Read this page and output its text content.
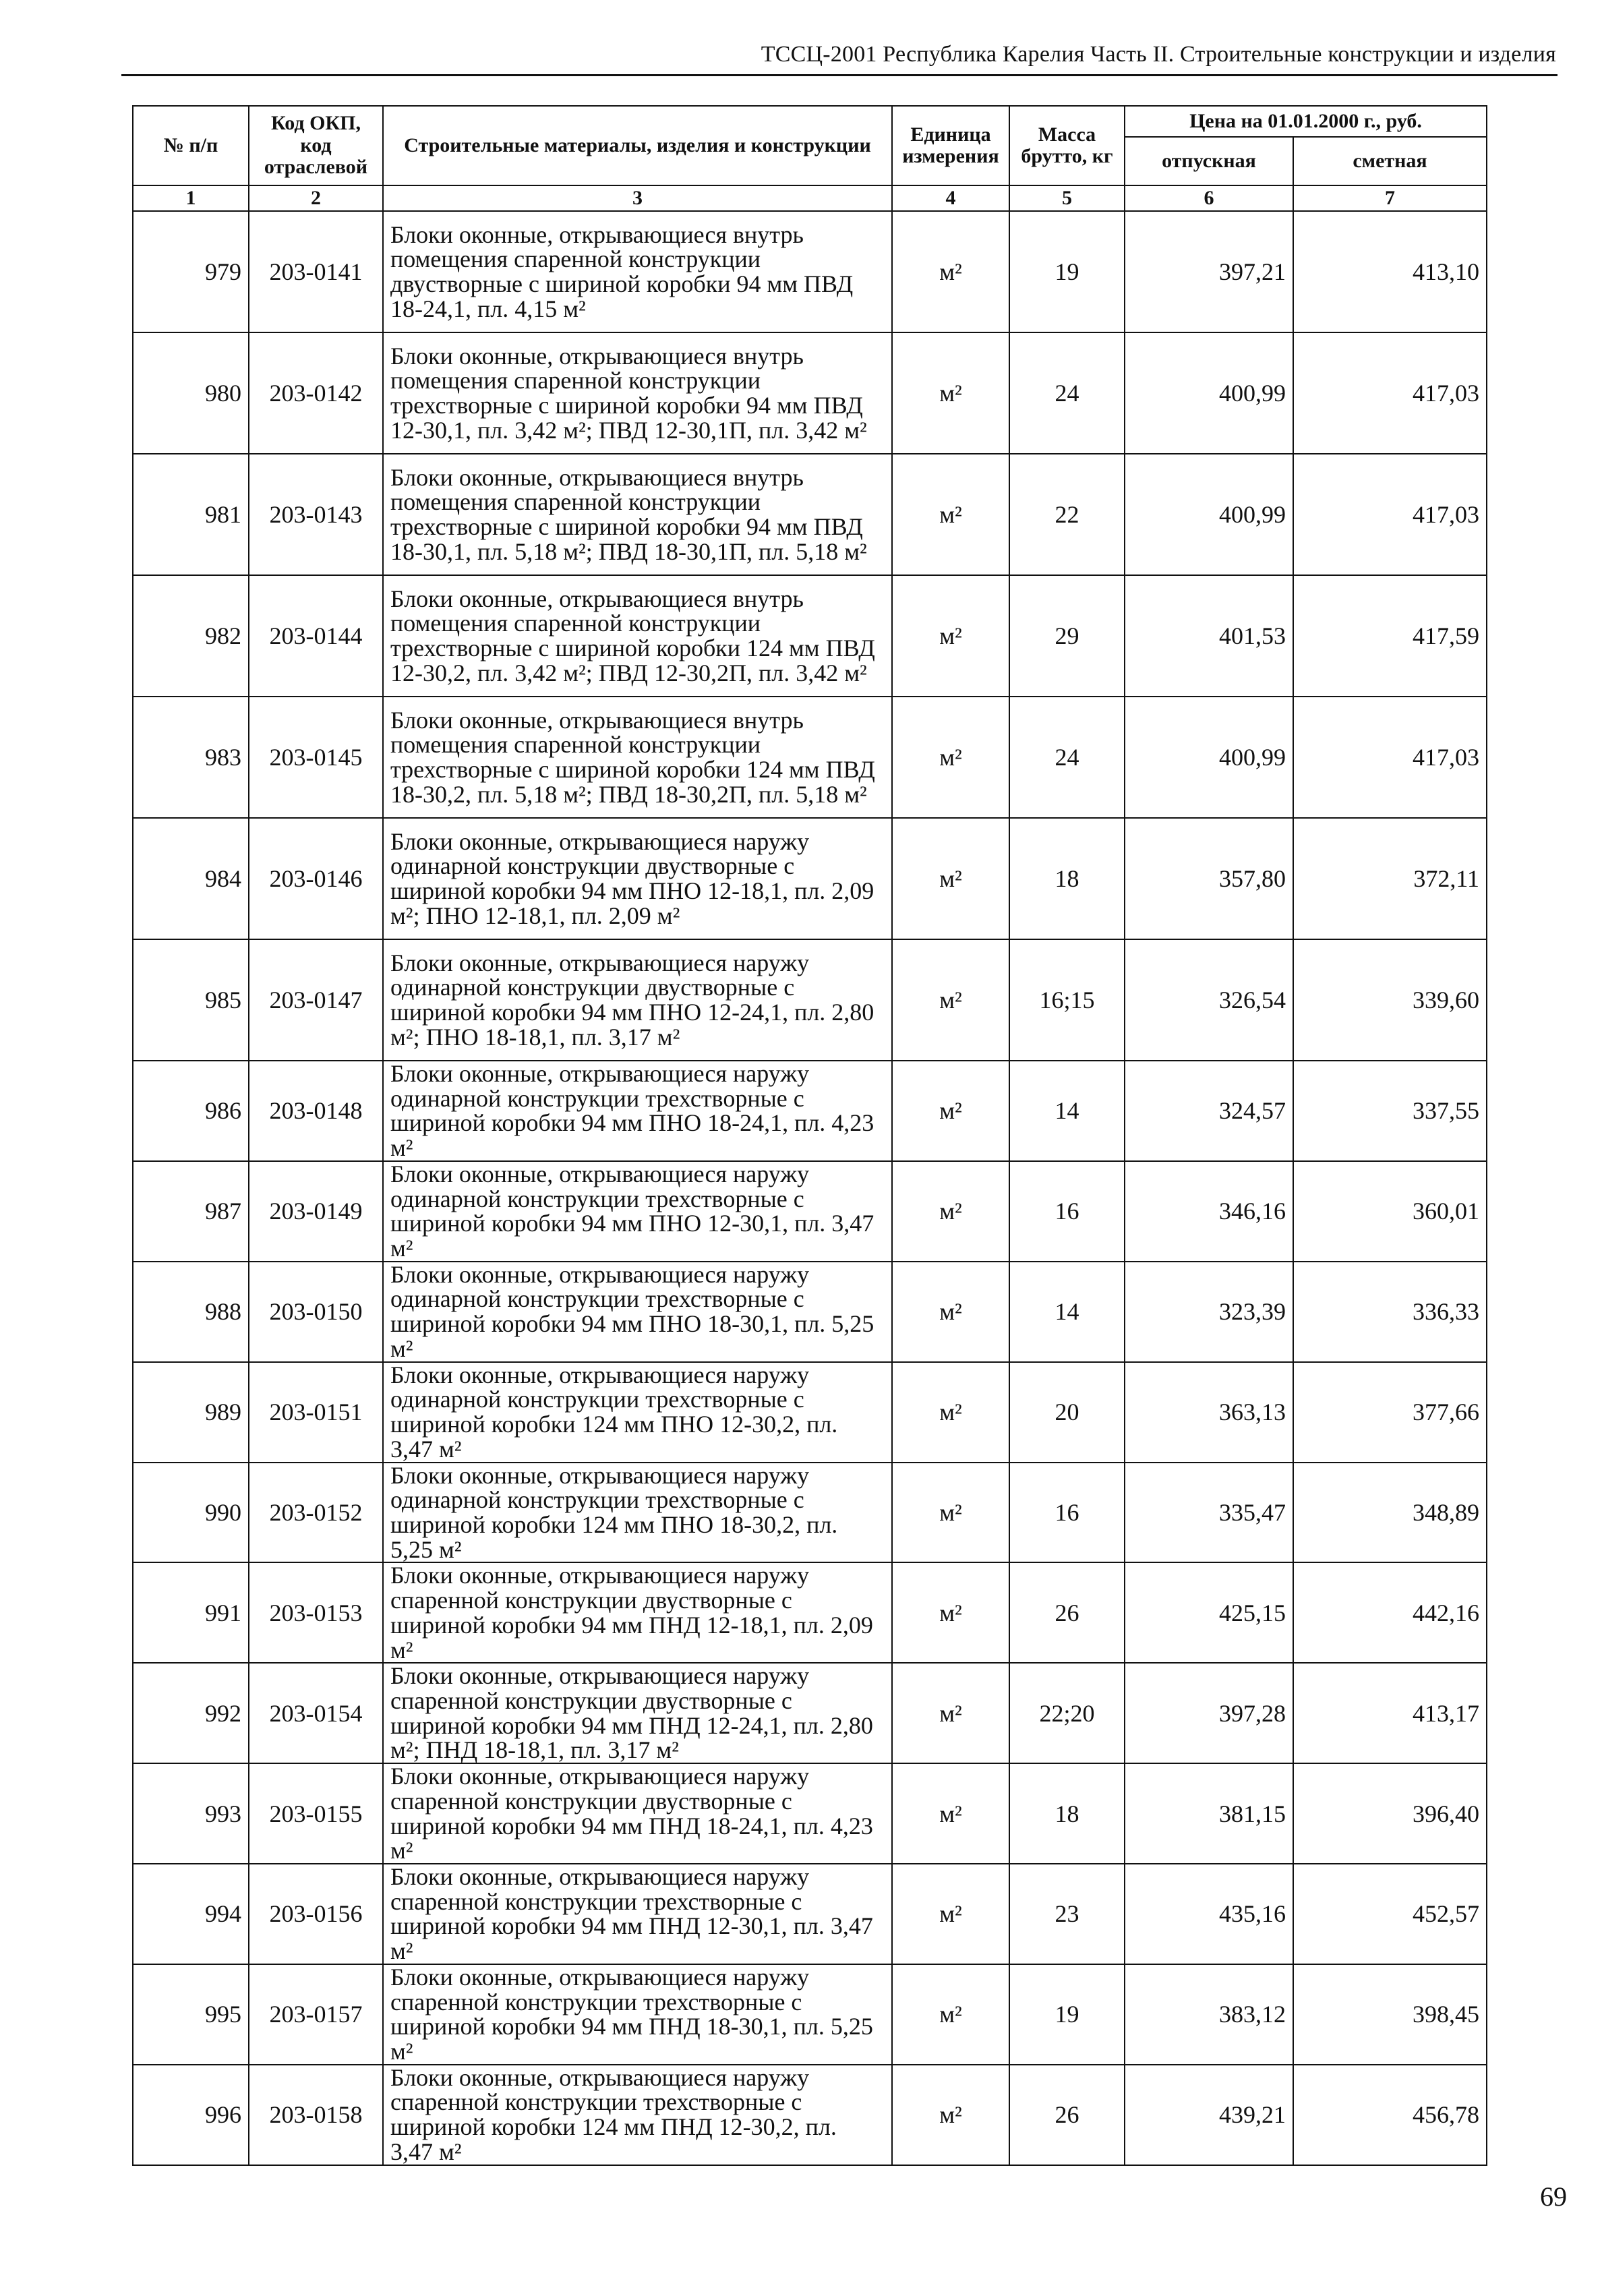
ТССЦ-2001 Республика Карелия Часть II. Строительные конструкции и изделия
№ п/п	Код ОКП, код отраслевой	Строительные материалы, изделия и конструкции	Единица измерения	Масса брутто, кг	Цена на 01.01.2000 г., руб.	
					отпускная	сметная
1	2	3	4	5	6	7
979	203-0141	Блоки оконные, открывающиеся внутрь помещения спаренной конструкции двустворные с шириной коробки 94 мм ПВД 18-24,1, пл. 4,15 м²	м²	19	397,21	413,10
980	203-0142	Блоки оконные, открывающиеся внутрь помещения спаренной конструкции трехстворные с шириной коробки 94 мм ПВД 12-30,1, пл. 3,42 м²; ПВД 12-30,1П, пл. 3,42 м²	м²	24	400,99	417,03
981	203-0143	Блоки оконные, открывающиеся внутрь помещения спаренной конструкции трехстворные с шириной коробки 94 мм ПВД 18-30,1, пл. 5,18 м²; ПВД 18-30,1П, пл. 5,18 м²	м²	22	400,99	417,03
982	203-0144	Блоки оконные, открывающиеся внутрь помещения спаренной конструкции трехстворные с шириной коробки 124 мм ПВД 12-30,2, пл. 3,42 м²; ПВД 12-30,2П, пл. 3,42 м²	м²	29	401,53	417,59
983	203-0145	Блоки оконные, открывающиеся внутрь помещения спаренной конструкции трехстворные с шириной коробки 124 мм ПВД 18-30,2, пл. 5,18 м²; ПВД 18-30,2П, пл. 5,18 м²	м²	24	400,99	417,03
984	203-0146	Блоки оконные, открывающиеся наружу одинарной конструкции двустворные с шириной коробки 94 мм ПНО 12-18,1, пл. 2,09 м²; ПНО 12-18,1, пл. 2,09 м²	м²	18	357,80	372,11
985	203-0147	Блоки оконные, открывающиеся наружу одинарной конструкции двустворные с шириной коробки 94 мм ПНО 12-24,1, пл. 2,80 м²; ПНО 18-18,1, пл. 3,17 м²	м²	16;15	326,54	339,60
986	203-0148	Блоки оконные, открывающиеся наружу одинарной конструкции трехстворные с шириной коробки 94 мм ПНО 18-24,1, пл. 4,23 м²	м²	14	324,57	337,55
987	203-0149	Блоки оконные, открывающиеся наружу одинарной конструкции трехстворные с шириной коробки 94 мм ПНО 12-30,1, пл. 3,47 м²	м²	16	346,16	360,01
988	203-0150	Блоки оконные, открывающиеся наружу одинарной конструкции трехстворные с шириной коробки 94 мм ПНО 18-30,1, пл. 5,25 м²	м²	14	323,39	336,33
989	203-0151	Блоки оконные, открывающиеся наружу одинарной конструкции трехстворные с шириной коробки 124 мм ПНО 12-30,2, пл. 3,47 м²	м²	20	363,13	377,66
990	203-0152	Блоки оконные, открывающиеся наружу одинарной конструкции трехстворные с шириной коробки 124 мм ПНО 18-30,2, пл. 5,25 м²	м²	16	335,47	348,89
991	203-0153	Блоки оконные, открывающиеся наружу спаренной конструкции двустворные с шириной коробки 94 мм ПНД 12-18,1, пл. 2,09 м²	м²	26	425,15	442,16
992	203-0154	Блоки оконные, открывающиеся наружу спаренной конструкции двустворные с шириной коробки 94 мм ПНД 12-24,1, пл. 2,80 м²; ПНД 18-18,1, пл. 3,17 м²	м²	22;20	397,28	413,17
993	203-0155	Блоки оконные, открывающиеся наружу спаренной конструкции двустворные с шириной коробки 94 мм ПНД 18-24,1, пл. 4,23 м²	м²	18	381,15	396,40
994	203-0156	Блоки оконные, открывающиеся наружу спаренной конструкции трехстворные с шириной коробки 94 мм ПНД 12-30,1, пл. 3,47 м²	м²	23	435,16	452,57
995	203-0157	Блоки оконные, открывающиеся наружу спаренной конструкции трехстворные с шириной коробки 94 мм ПНД 18-30,1, пл. 5,25 м²	м²	19	383,12	398,45
996	203-0158	Блоки оконные, открывающиеся наружу спаренной конструкции трехстворные с шириной коробки 124 мм ПНД 12-30,2, пл. 3,47 м²	м²	26	439,21	456,78
69
